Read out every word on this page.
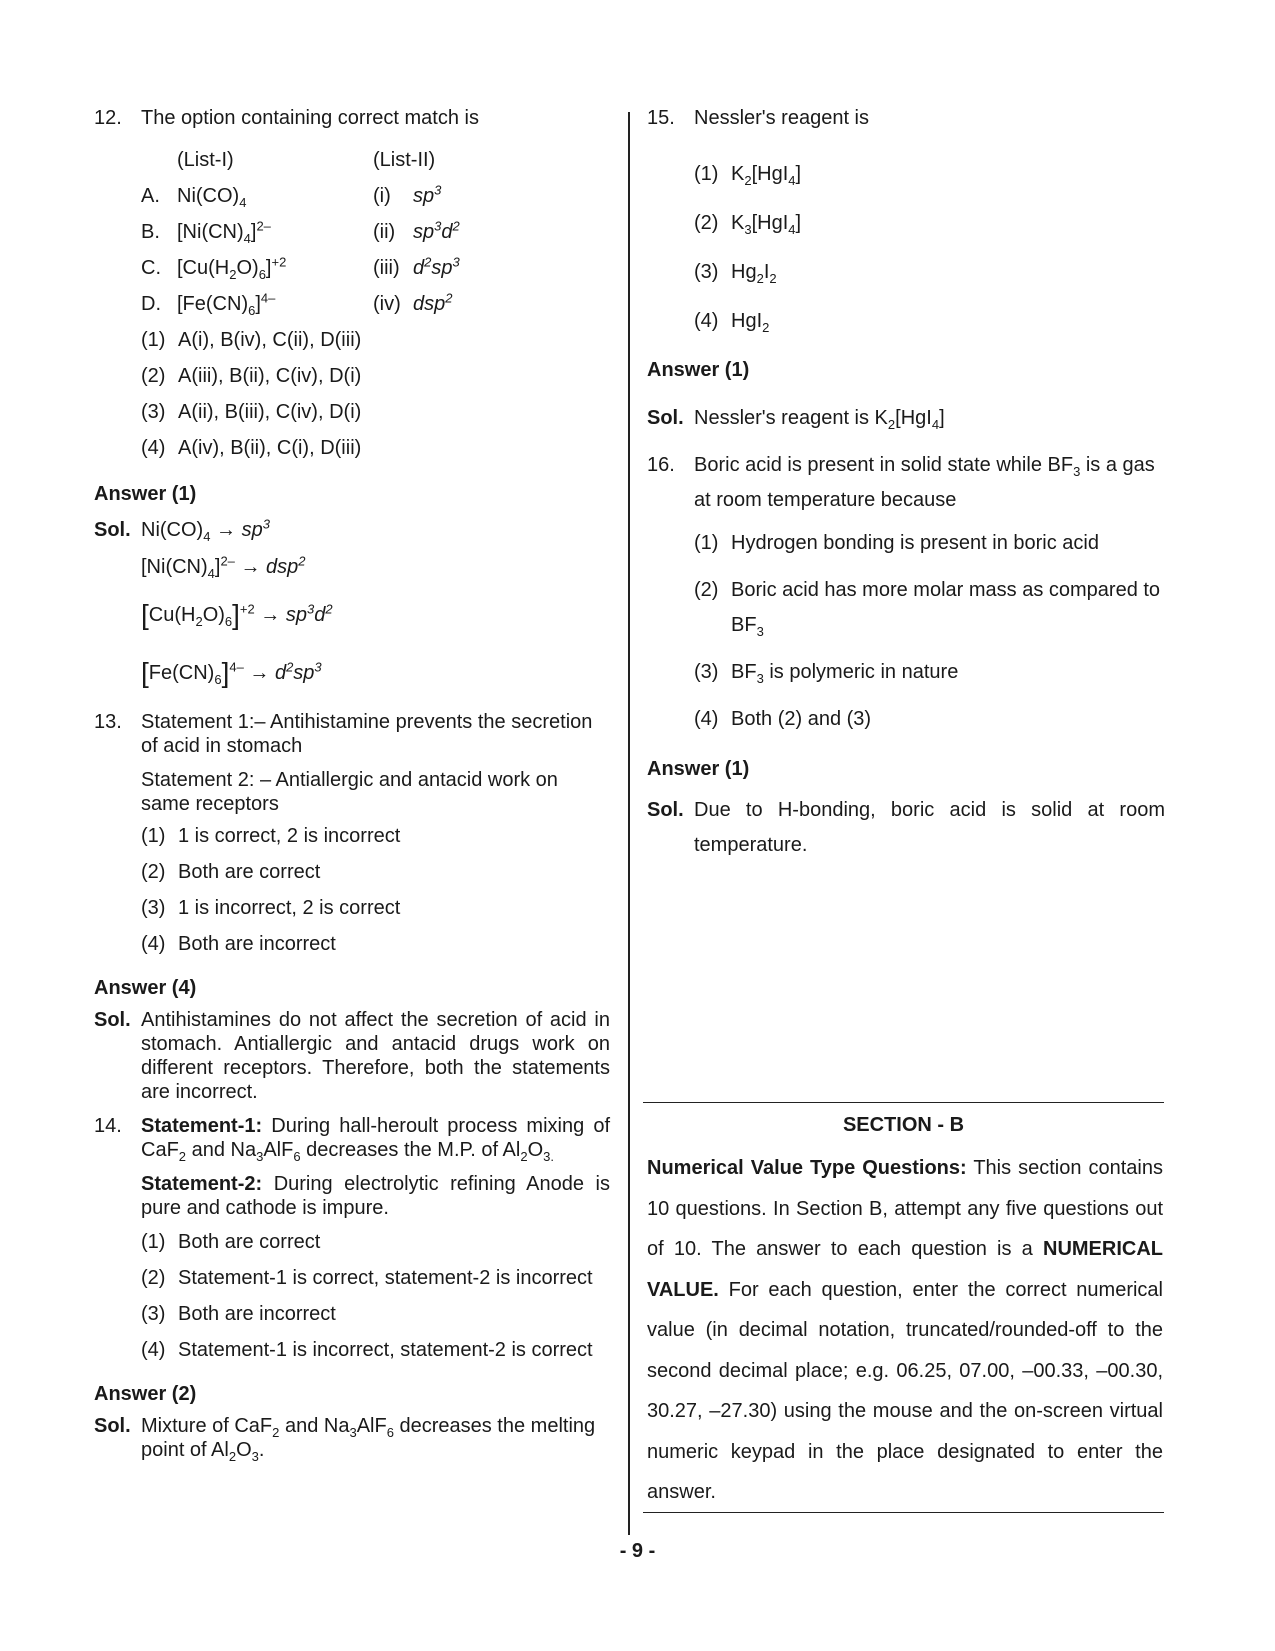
12. The option containing correct match is
(List-I)	(List-II)
A. $Ni(CO)_4$	(i)	$sp^3$
B. $[Ni(CN)_4]^{2-}$	(ii) $sp^3d^2$
C. $[Cu(H_2O)_6]^{+2}$	(iii) $d^2sp^3$
D. $[Fe(CN)_6]^{4-}$	(iv) dsp$^2$
(1) A(i), B(iv), C(ii), D(iii)
(2) A(iii), B(ii), C(iv), D(i)
(3) A(ii), B(iii), C(iv), D(i)
(4) A(iv), B(ii), C(i), D(iii)
Answer (1)
Sol. $Ni(CO)_4 \to sp^3$
$[Ni(CN)_4]^{2-} \to dsp^2$
$[Cu(H_2O)_6]^{+2} \to sp^3d^2$
$[Fe(CN)_6]^{4-} \to d^2sp^3$
13. Statement 1:– Antihistamine prevents the secretion of acid in stomach
Statement 2: – Antiallergic and antacid work on same receptors
(1) 1 is correct, 2 is incorrect
(2) Both are correct
(3) 1 is incorrect, 2 is correct
(4) Both are incorrect
Answer (4)
Sol. Antihistamines do not affect the secretion of acid in stomach. Antiallergic and antacid drugs work on different receptors. Therefore, both the statements are incorrect.
14. Statement-1: During hall-heroult process mixing of CaF$_2$ and $Na_3AlF_6$ decreases the M.P. of $Al_2O_{3.}$
Statement-2: During electrolytic refining Anode is pure and cathode is impure.
(1) Both are correct
(2) Statement-1 is correct, statement-2 is incorrect
(3) Both are incorrect
(4) Statement-1 is incorrect, statement-2 is correct
Answer (2)
Sol. Mixture of CaF$_2$ and $Na_3AlF_6$ decreases the melting point of $Al_2O_3$.
15. Nessler's reagent is
(1) $K_2[HgI_4]$
(2) $K_3[HgI_4]$
(3) $Hg_2I_2$
(4) HgI$_2$
Answer (1)
Sol. Nessler's reagent is $K_2[HgI_4]$
16. Boric acid is present in solid state while $BF_3$ is a gas at room temperature because
(1) Hydrogen bonding is present in boric acid
(2) Boric acid has more molar mass as compared to $BF_3$
(3) $BF_3$ is polymeric in nature
(4) Both (2) and (3)
Answer (1)
Sol. Due to H-bonding, boric acid is solid at room temperature.
SECTION - B
Numerical Value Type Questions: This section contains 10 questions. In Section B, attempt any five questions out of 10. The answer to each question is a NUMERICAL VALUE. For each question, enter the correct numerical value (in decimal notation, truncated/rounded-off to the second decimal place; e.g. 06.25, 07.00, –00.33, –00.30, 30.27, –27.30) using the mouse and the on-screen virtual numeric keypad in the place designated to enter the answer.
- 9 -
